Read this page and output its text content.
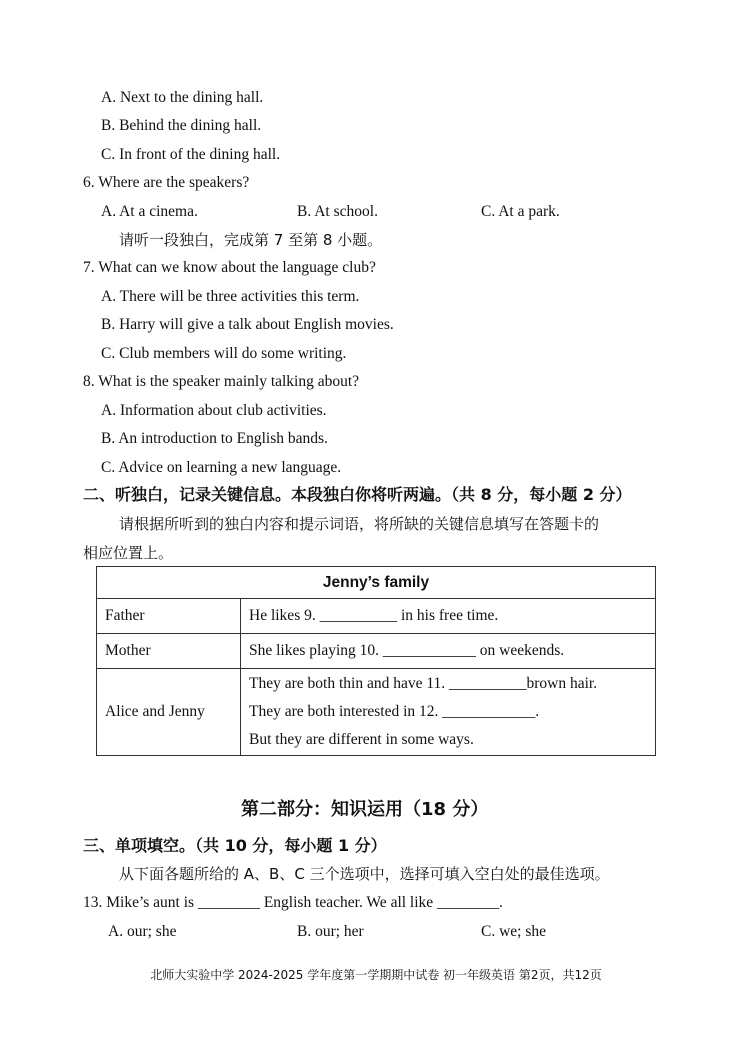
A. Next to the dining hall.
B. Behind the dining hall.
C. In front of the dining hall.
6. Where are the speakers?
A. At a cinema.	B. At school.	C. At a park.
请听一段独白，完成第 7 至第 8 小题。
7. What can we know about the language club?
A. There will be three activities this term.
B. Harry will give a talk about English movies.
C. Club members will do some writing.
8. What is the speaker mainly talking about?
A. Information about club activities.
B. An introduction to English bands.
C. Advice on learning a new language.
二、听独白，记录关键信息。本段独白你将听两遍。（共 8 分，每小题 2 分）
请根据所听到的独白内容和提示词语，将所缺的关键信息填写在答题卡的
相应位置上。
Jenny’s family	
Father	He likes 9. __________ in his free time.

Mother	She likes playing 10. ____________ on weekends.

Alice and Jenny	They are both thin and have 11. __________brown hair.
They are both interested in 12. ____________.
But they are different in some ways.
第二部分：知识运用（18 分）
三、单项填空。（共 10 分，每小题 1 分）
从下面各题所给的 A、B、C 三个选项中，选择可填入空白处的最佳选项。
13. Mike’s aunt is ________ English teacher. We all like ________.
A. our; she	B. our; her	C. we; she
北师大实验中学 2024-2025 学年度第一学期期中试卷 初一年级英语 第2页，共12页
